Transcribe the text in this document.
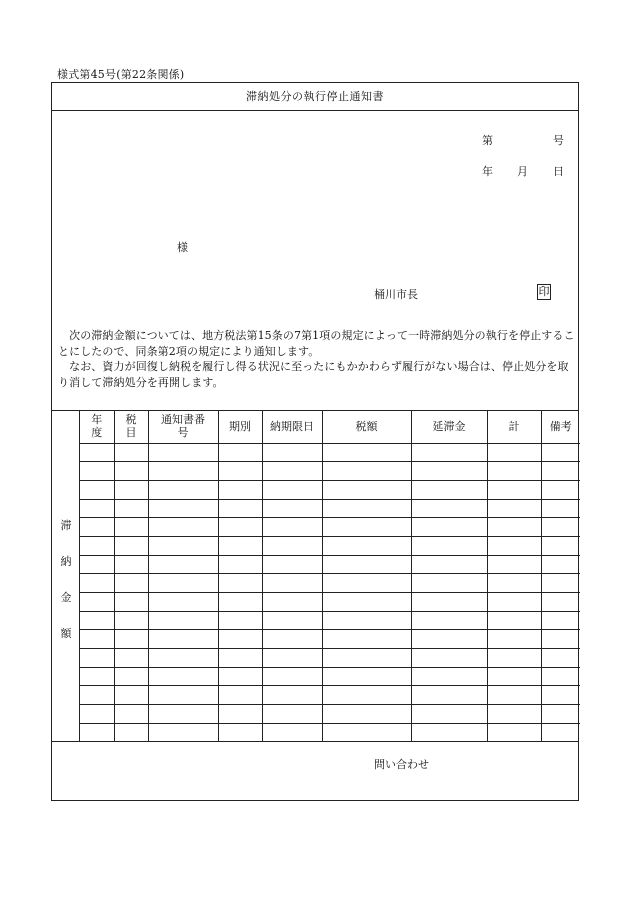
様式第45号(第22条関係)
滞納処分の執行停止通知書
第	号
年 月 日
様
桶川市長	印

　次の滞納金額については、地方税法第15条の7第1項の規定によって一時滞納処分の執行を停止することにしたので、同条第2項の規定により通知します。

　なお、資力が回復し納税を履行し得る状況に至ったにもかかわらず履行がない場合は、停止処分を取り消して滞納処分を再開します。

滞
納
金
額
年度	税目	通知書番号	期別	納期限日	税額	延滞金	計	備考

問い合わせ
